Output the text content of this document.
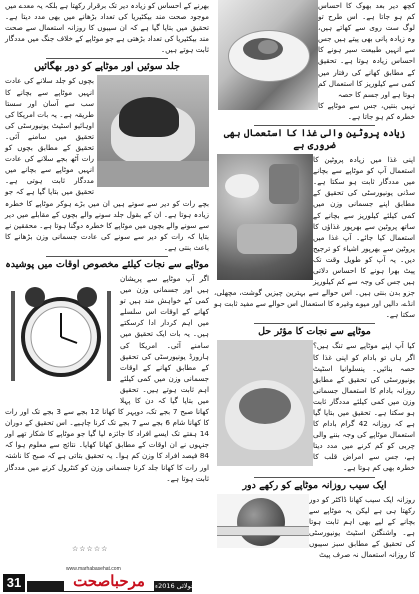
کچھ دیر بعد بھوک کا احساس کم ہو جاتا ہے۔ اس طرح تو لوگ ست روی سے کھاتے ہیں، وہ زیادہ پانی بھی پیتے ہیں جس سے انہیں طبیعت سیر ہونے کا احساس زیادہ ہوتا ہے۔ تحقیق کے مطابق کھانے کی رفتار میں کمی سے کیلوریز کا استعمال کم ہوتا ہے اور جسم کا حصہ

نہیں بنتیں، جس سے موٹاپے کا خطرہ کم ہو جاتا ہے۔

زیادہ پروٹین والی غذا کا استعمال بھی ضروری ہے

اپنی غذا میں زیادہ پروٹین کا استعمال آپ کو موٹاپے سے بچانے میں مددگار ثابت ہو سکتا ہے۔ سڈنی یونیورسٹی کی تحقیق کے مطابق اپنے جسمانی وزن میں کمی کیلئے کیلوریز سے بچانے کے ساتھ پروٹین سے بھرپور غذاؤں کا استعمال کیا جائے۔ آپ غذا میں پروٹین سے بھرپور اشیاء کو ترجیح دیں۔ یہ آپ کو طویل وقت تک پیٹ بھرا ہونے کا احساس دلاتی ہیں جس کی وجہ سے کم کیلوریز جزو بدن بنتی ہیں۔ اس حوالے سے بہترین چیزیں گوشت، مچھلی، انڈے، دالیں اور میوے وغیرہ کا استعمال اس حوالے سے مفید ثابت ہو سکتا ہے۔

موٹاپے سے نجات کا مؤثر حل

کیا آپ اپنے موٹاپے سے تنگ ہیں؟ اگر ہاں تو بادام کو اپنی غذا کا حصہ بنائیں۔ پنسلوانیا اسٹیٹ یونیورسٹی کی تحقیق کے مطابق روزانہ بادام کا استعمال جسمانی وزن میں کمی کیلئے مددگار ثابت ہو سکتا ہے۔ تحقیق میں بتایا گیا ہے کہ روزانہ 42 گرام بادام کا استعمال موٹاپے کی وجہ بننے والی چربی کو کم کرنے میں مدد دیتا ہے، جس سے امراض قلب کا خطرہ بھی کم ہوتا ہے۔

ایک سیب روزانہ موٹاپے کو رکھے دور

روزانہ ایک سیب کھانا ڈاکٹر کو دور رکھتا ہی ہے لیکن یہ موٹاپے سے بچانے کے لیے بھی اہم ثابت ہوتا ہے۔ واشنگٹن اسٹیٹ یونیورسٹی کی تحقیق کے مطابق سبز سیبوں کا روزانہ استعمال نہ صرف پیٹ

بھرنے کے احساس کو زیادہ دیر تک برقرار رکھتا ہے بلکہ یہ معدے میں موجود صحت مند بیکٹیریا کی تعداد بڑھانے میں بھی مدد دیتا ہے۔ تحقیق میں بتایا گیا ہے کہ ان سیبوں کا روزانہ استعمال سے صحت مند بیکٹیریا کی تعداد بڑھتی ہے جو موٹاپے کے خلاف جنگ میں مددگار ثابت ہوتے ہیں۔

جلد سوئیں اور موٹاپے کو دور بھگائیں

بچوں کو جلد سلانے کی عادت انہیں موٹاپے سے بچانے کا سب سے آسان اور سستا طریقہ ہے۔ یہ بات امریکا کی اوہائیو اسٹیٹ یونیورسٹی کی تحقیق میں سامنے آئی۔ تحقیق کے مطابق بچوں کو رات آٹھ بجے سلانے کی عادت انہیں موٹاپے سے بچانے میں مددگار ثابت ہوتی ہے۔ تحقیق میں بتایا گیا ہے کہ جو بچے رات کو دیر سے سوتے ہیں ان میں بڑے ہوکر موٹاپے کا خطرہ زیادہ ہوتا ہے۔ ان کے بقول جلد سونے والے بچوں کے مقابلے میں دیر سے سونے والے بچوں میں موٹاپے کا خطرہ دوگنا ہوتا ہے۔ محققین نے بتایا کہ رات کو دیر سے سونے کی عادت جسمانی وزن بڑھانے کا باعث بنتی ہے۔

موٹاپے سے نجات کیلئے مخصوص اوقات میں پوشیدہ

اگر آپ موٹاپے سے پریشان ہیں اور جسمانی وزن میں کمی کے خواہش مند ہیں تو کھانے کے اوقات اس سلسلے میں اہم کردار ادا کرسکتے ہیں۔ یہ بات ایک تحقیق میں سامنے آئی۔ امریکا کی ہارورڈ یونیورسٹی کی تحقیق کے مطابق کھانے کے اوقات جسمانی وزن میں کمی کیلئے اہم ثابت ہوتے ہیں۔ تحقیق میں بتایا گیا کہ دن کا پہلا کھانا صبح 7 بجے تک، دوپہر کا کھانا 12 بجے سے 3 بجے تک اور رات کا کھانا شام 6 بجے سے 7 بجے تک کرنا چاہیے۔ اس تحقیق کے دوران 14 ہفتے تک ایسے افراد کا جائزہ لیا گیا جو موٹاپے کا شکار تھے اور جنہوں نے ان اوقات کے مطابق کھانا کھایا۔ نتائج سے معلوم ہوا کہ 84 فیصد افراد کا وزن کم ہوا۔ یہ تحقیق بتاتی ہے کہ صبح کا ناشتہ اور رات کا کھانا جلد کرنا جسمانی وزن کو کنٹرول کرنے میں مددگار ثابت ہوتا ہے۔

☆☆☆☆☆
31	مرحباصحت
www.marhabasehat.com
جولائی 2016ء
